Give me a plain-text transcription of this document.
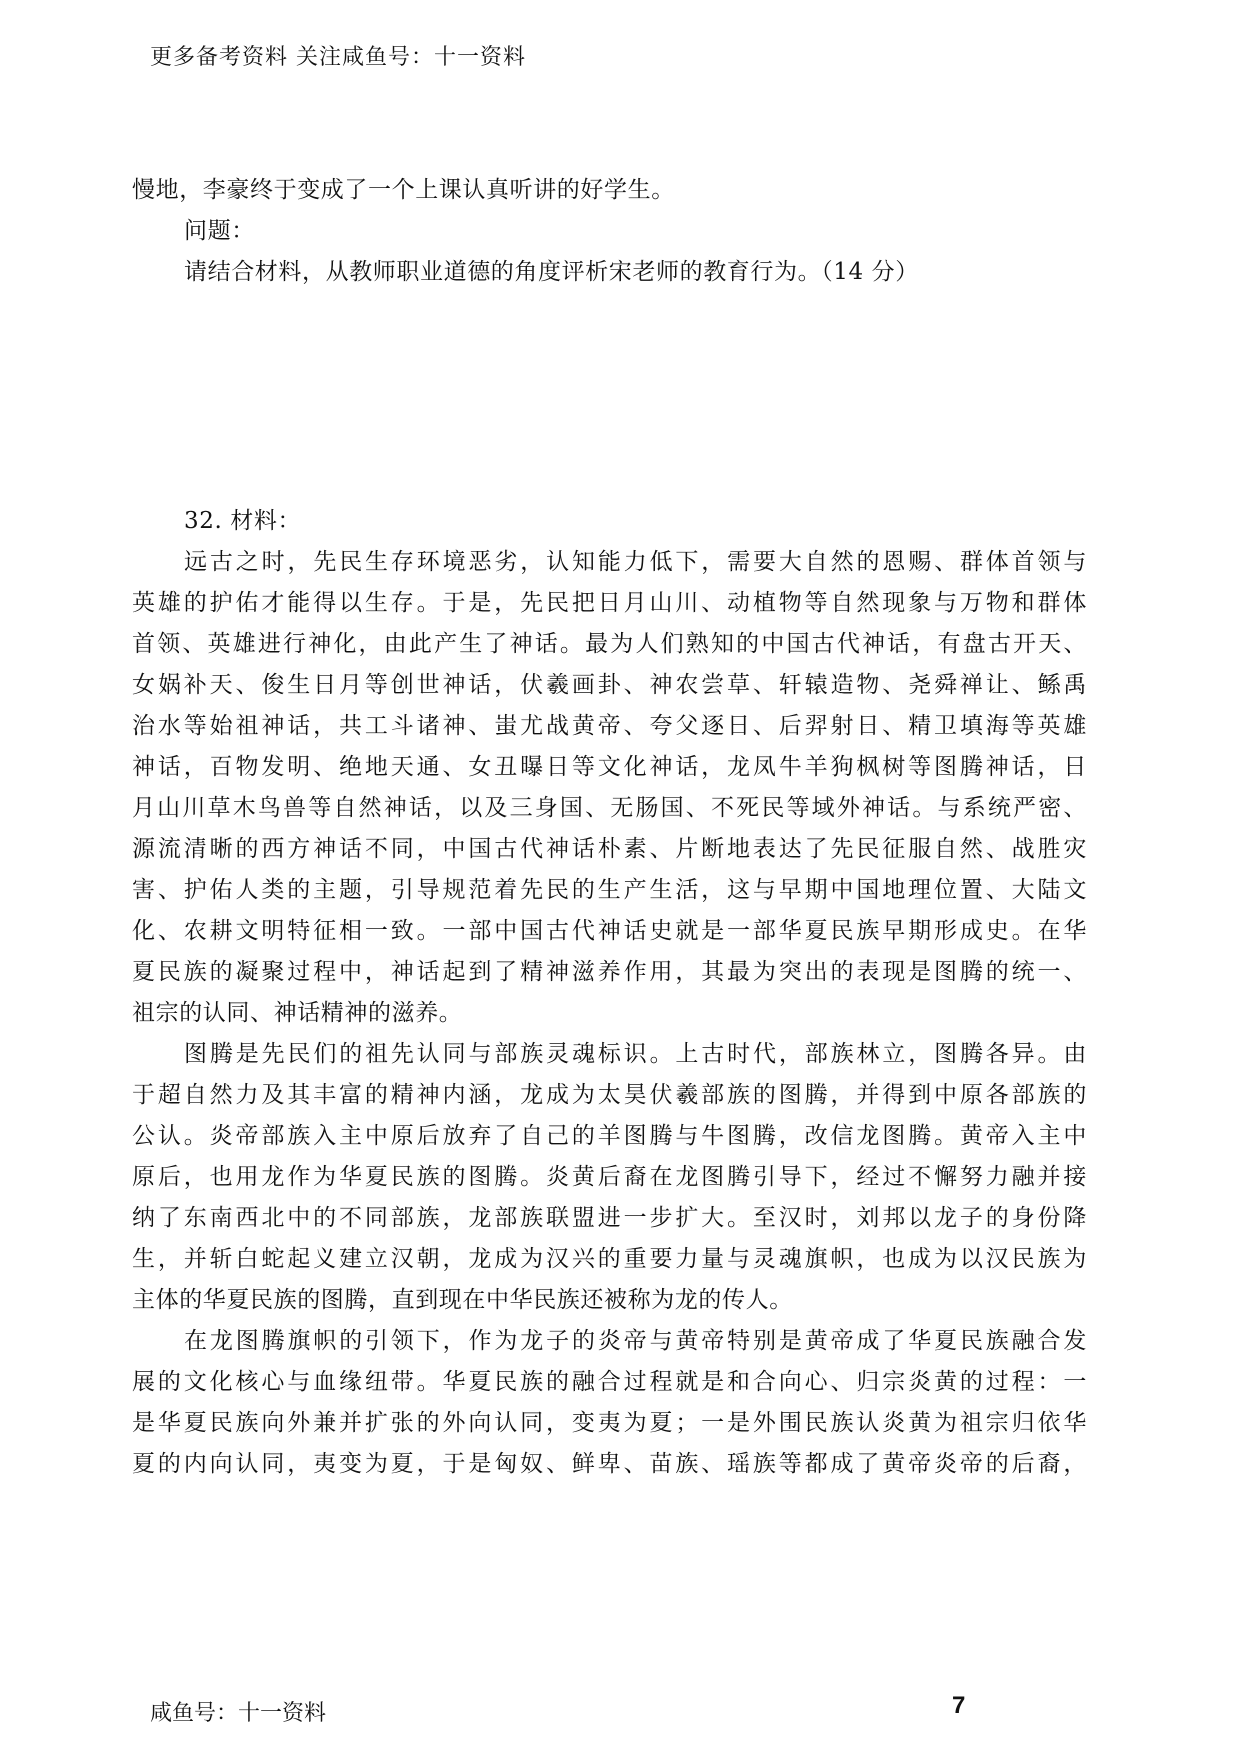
更多备考资料 关注咸鱼号：十一资料
慢地，李豪终于变成了一个上课认真听讲的好学生。
问题：
请结合材料，从教师职业道德的角度评析宋老师的教育行为。（14 分）
32. 材料：
远古之时，先民生存环境恶劣，认知能力低下，需要大自然的恩赐、群体首领与
英雄的护佑才能得以生存。于是，先民把日月山川、动植物等自然现象与万物和群体
首领、英雄进行神化，由此产生了神话。最为人们熟知的中国古代神话，有盘古开天、
女娲补天、俊生日月等创世神话，伏羲画卦、神农尝草、轩辕造物、尧舜禅让、鲧禹
治水等始祖神话，共工斗诸神、蚩尤战黄帝、夸父逐日、后羿射日、精卫填海等英雄
神话，百物发明、绝地天通、女丑曝日等文化神话，龙凤牛羊狗枫树等图腾神话，日
月山川草木鸟兽等自然神话，以及三身国、无肠国、不死民等域外神话。与系统严密、
源流清晰的西方神话不同，中国古代神话朴素、片断地表达了先民征服自然、战胜灾
害、护佑人类的主题，引导规范着先民的生产生活，这与早期中国地理位置、大陆文
化、农耕文明特征相一致。一部中国古代神话史就是一部华夏民族早期形成史。在华
夏民族的凝聚过程中，神话起到了精神滋养作用，其最为突出的表现是图腾的统一、
祖宗的认同、神话精神的滋养。
图腾是先民们的祖先认同与部族灵魂标识。上古时代，部族林立，图腾各异。由
于超自然力及其丰富的精神内涵，龙成为太昊伏羲部族的图腾，并得到中原各部族的
公认。炎帝部族入主中原后放弃了自己的羊图腾与牛图腾，改信龙图腾。黄帝入主中
原后，也用龙作为华夏民族的图腾。炎黄后裔在龙图腾引导下，经过不懈努力融并接
纳了东南西北中的不同部族，龙部族联盟进一步扩大。至汉时，刘邦以龙子的身份降
生，并斩白蛇起义建立汉朝，龙成为汉兴的重要力量与灵魂旗帜，也成为以汉民族为
主体的华夏民族的图腾，直到现在中华民族还被称为龙的传人。
在龙图腾旗帜的引领下，作为龙子的炎帝与黄帝特别是黄帝成了华夏民族融合发
展的文化核心与血缘纽带。华夏民族的融合过程就是和合向心、归宗炎黄的过程：一
是华夏民族向外兼并扩张的外向认同，变夷为夏；一是外围民族认炎黄为祖宗归依华
夏的内向认同，夷变为夏，于是匈奴、鲜卑、苗族、瑶族等都成了黄帝炎帝的后裔，
咸鱼号：十一资料	7
